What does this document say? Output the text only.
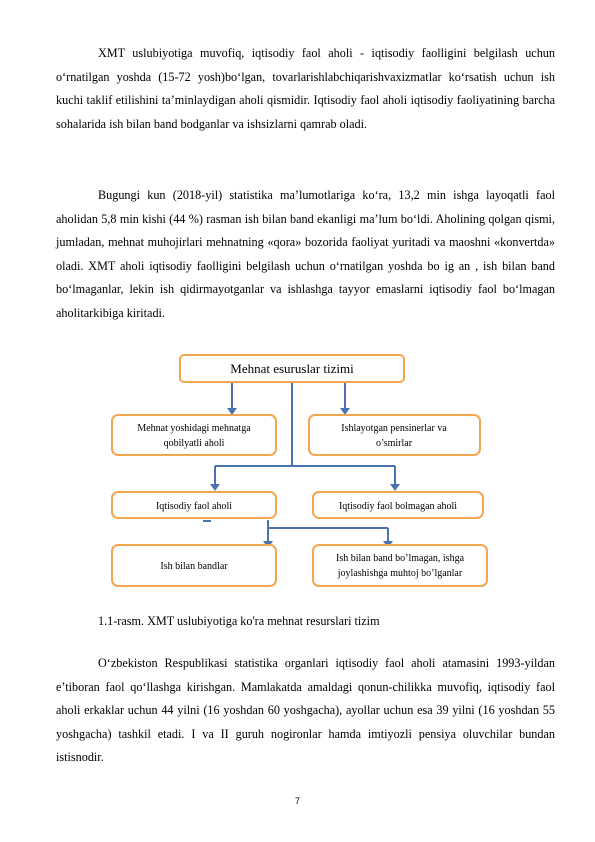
XMT uslubiyotiga muvofiq, iqtisodiy faol aholi - iqtisodiy faolligini belgilash uchun o‘rnatilgan yoshda (15-72 yosh)bo‘lgan, tovarlarishlabchiqarishvaxizmatlar ko‘rsatish uchun ish kuchi taklif etilishini ta’minlaydigan aholi qismidir. Iqtisodiy faol aholi iqtisodiy faoliyatining barcha sohalarida ish bilan band bodganlar va ishsizlarni qamrab oladi.

Bugungi kun (2018-yil) statistika ma’lumotlariga ko‘ra, 13,2 min ishga layoqatli faol aholidan 5,8 min kishi (44 %) rasman ish bilan band ekanligi ma’lum bo‘ldi. Aholining qolgan qismi, jumladan, mehnat muhojirlari mehnatning «qora» bozorida faoliyat yuritadi va maoshni «konvertda» oladi. XMT aholi iqtisodiy faolligini belgilash uchun o‘rnatilgan yoshda bo ig an , ish bilan band bo‘lmaganlar, lekin ish qidirmayotganlar va ishlashga tayyor emaslarni iqtisodiy faol bo‘lmagan aholitarkibiga kiritadi.

Mehnat esuruslar tizimi
Mehnat yoshidagi mehnatga
qobilyatli aholi
Ishlayotgan pensinerlar va
o’smirlar
Iqtisodiy faol aholi	Iqtisodiy faol bolmagan aholi
Ish bilan bandlar
Ish bilan band bo’lmagan, ishga
joylashishga muhtoj bo’lganlar

1.1-rasm. XMT uslubiyotiga ko'ra mehnat resurslari tizim

O‘zbekiston Respublikasi statistika organlari iqtisodiy faol aholi atamasini 1993-yildan e’tiboran faol qo‘llashga kirishgan. Mamlakatda amaldagi qonun-chilikka muvofiq, iqtisodiy faol aholi erkaklar uchun 44 yilni (16 yoshdan 60 yoshgacha), ayollar uchun esa 39 yilni (16 yoshdan 55 yoshgacha) tashkil etadi. I va II guruh nogironlar hamda imtiyozli pensiya oluvchilar bundan istisnodir.

7
